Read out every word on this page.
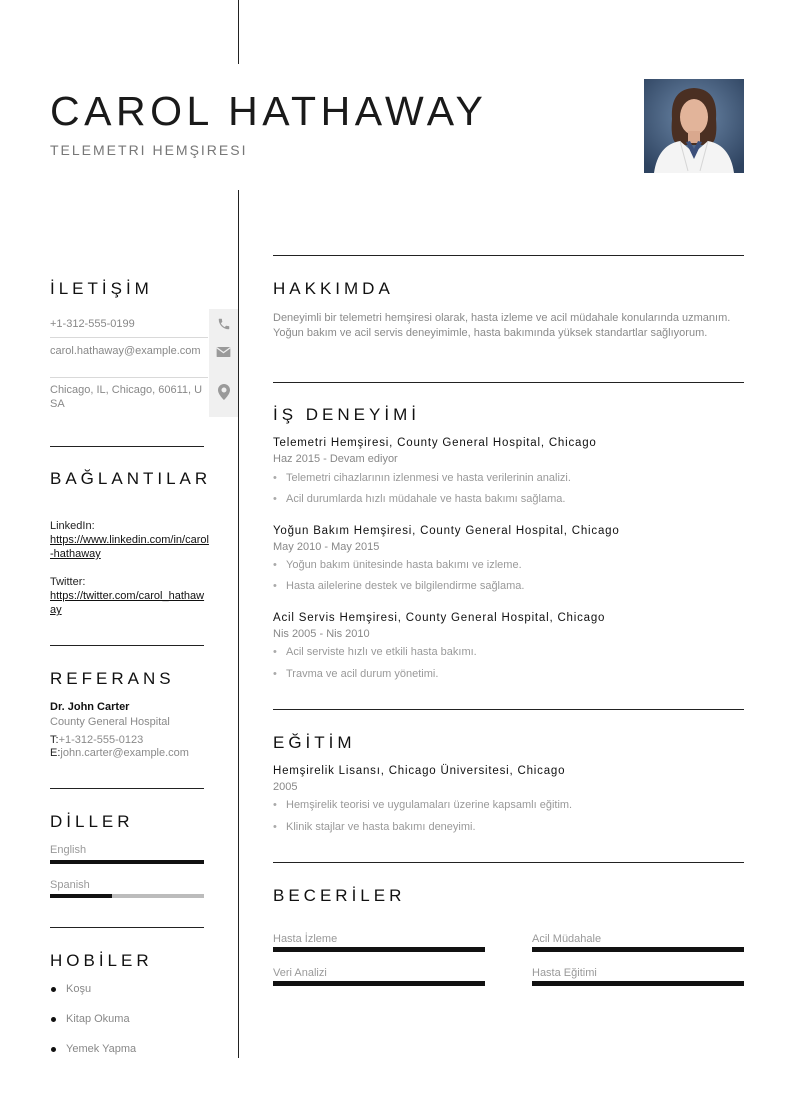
CAROL HATHAWAY
TELEMETRI HEMŞIRESI
İLETİŞİM
+1-312-555-0199
carol.hathaway@example.com
Chicago, IL, Chicago, 60611, USA
BAĞLANTILAR
LinkedIn:
https://www.linkedin.com/in/carol-hathaway
Twitter:
https://twitter.com/carol_hathaway
REFERANS
Dr. John Carter
County General Hospital
T:+1-312-555-0123
E:john.carter@example.com
DİLLER
English
Spanish
HOBİLER
Koşu
Kitap Okuma
Yemek Yapma
HAKKIMDA
Deneyimli bir telemetri hemşiresi olarak, hasta izleme ve acil müdahale konularında uzmanım. Yoğun bakım ve acil servis deneyimimle, hasta bakımında yüksek standartlar sağlıyorum.
İŞ DENEYİMİ
Telemetri Hemşiresi, County General Hospital, Chicago
Haz 2015 - Devam ediyor
• Telemetri cihazlarının izlenmesi ve hasta verilerinin analizi.
• Acil durumlarda hızlı müdahale ve hasta bakımı sağlama.
Yoğun Bakım Hemşiresi, County General Hospital, Chicago
May 2010 - May 2015
• Yoğun bakım ünitesinde hasta bakımı ve izleme.
• Hasta ailelerine destek ve bilgilendirme sağlama.
Acil Servis Hemşiresi, County General Hospital, Chicago
Nis 2005 - Nis 2010
• Acil serviste hızlı ve etkili hasta bakımı.
• Travma ve acil durum yönetimi.
EĞİTİM
Hemşirelik Lisansı, Chicago Üniversitesi, Chicago
2005
• Hemşirelik teorisi ve uygulamaları üzerine kapsamlı eğitim.
• Klinik stajlar ve hasta bakımı deneyimi.
BECERİLER
Hasta İzleme	Acil Müdahale
Veri Analizi	Hasta Eğitimi
